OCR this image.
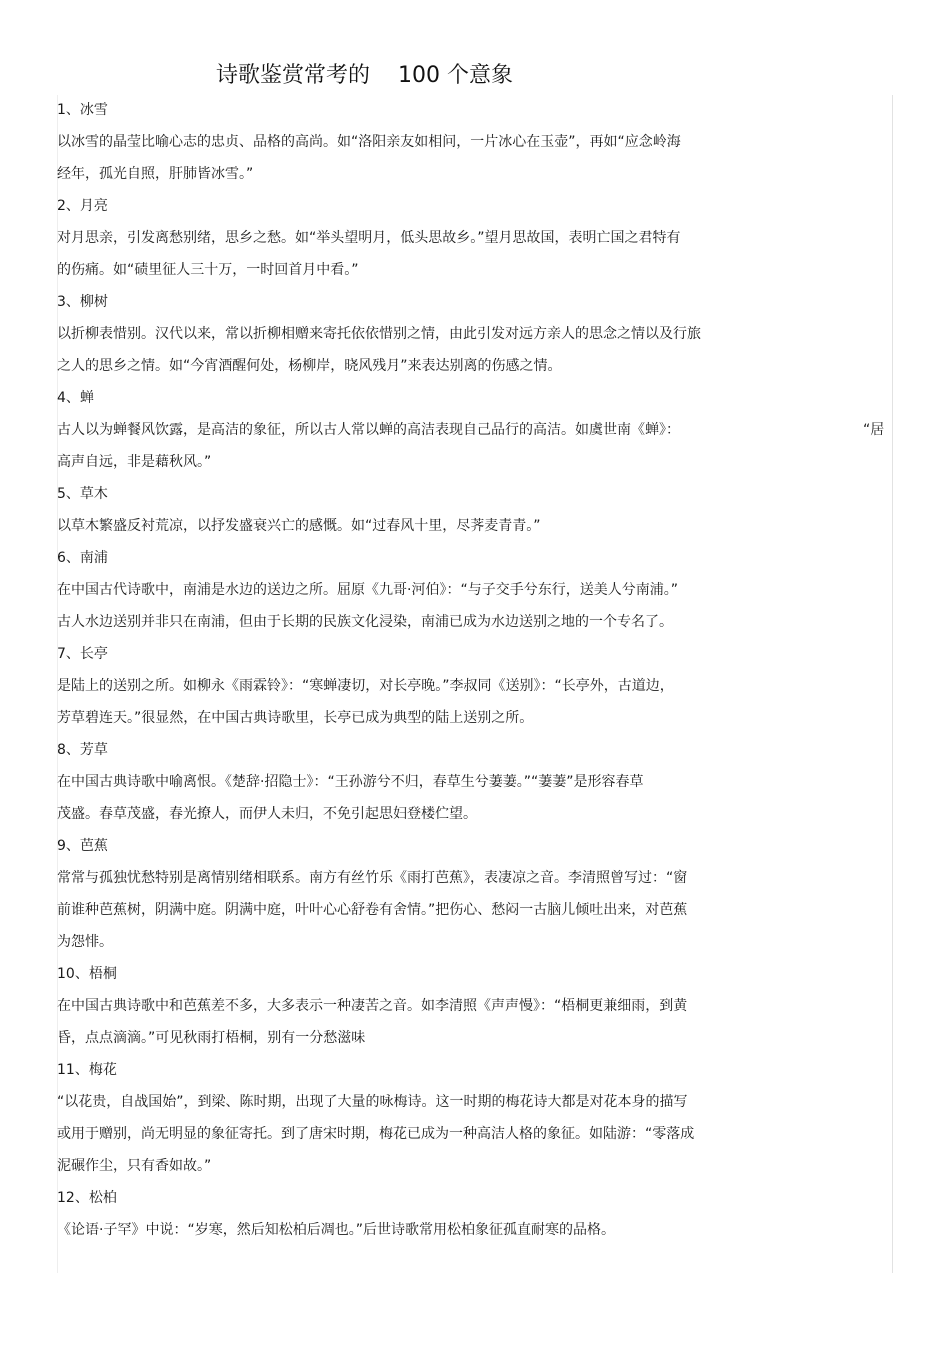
诗歌鉴赏常考的    100 个意象
1、冰雪
以冰雪的晶莹比喻心志的忠贞、品格的高尚。如“洛阳亲友如相问，一片冰心在玉壶”，再如“应念岭海
经年，孤光自照，肝肺皆冰雪。”
2、月亮
对月思亲，引发离愁别绪，思乡之愁。如“举头望明月，低头思故乡。”望月思故国，表明亡国之君特有
的伤痛。如“碛里征人三十万，一时回首月中看。”
3、柳树
以折柳表惜别。汉代以来，常以折柳相赠来寄托依依惜别之情，由此引发对远方亲人的思念之情以及行旅
之人的思乡之情。如“今宵酒醒何处，杨柳岸，晓风残月”来表达别离的伤感之情。
4、蝉
古人以为蝉餐风饮露，是高洁的象征，所以古人常以蝉的高洁表现自己品行的高洁。如虞世南《蝉》：	“居
高声自远，非是藉秋风。”
5、草木
以草木繁盛反衬荒凉，以抒发盛衰兴亡的感慨。如“过春风十里，尽荠麦青青。”
6、南浦
在中国古代诗歌中，南浦是水边的送边之所。屈原《九哥·河伯》：“与子交手兮东行，送美人兮南浦。”
古人水边送别并非只在南浦，但由于长期的民族文化浸染，南浦已成为水边送别之地的一个专名了。
7、长亭
是陆上的送别之所。如柳永《雨霖铃》：“寒蝉凄切，对长亭晚。”李叔同《送别》：“长亭外，古道边，
芳草碧连天。”很显然，在中国古典诗歌里，长亭已成为典型的陆上送别之所。
8、芳草
在中国古典诗歌中喻离恨。《楚辞·招隐士》：“王孙游兮不归，春草生兮萋萋。”“萋萋”是形容春草
茂盛。春草茂盛，春光撩人，而伊人未归，不免引起思妇登楼伫望。
9、芭蕉
常常与孤独忧愁特别是离情别绪相联系。南方有丝竹乐《雨打芭蕉》，表凄凉之音。李清照曾写过：“窗
前谁种芭蕉树，阴满中庭。阴满中庭，叶叶心心舒卷有舍情。”把伤心、愁闷一古脑儿倾吐出来，对芭蕉
为怨悱。
10、梧桐
在中国古典诗歌中和芭蕉差不多，大多表示一种凄苦之音。如李清照《声声慢》：“梧桐更兼细雨，到黄
昏，点点滴滴。”可见秋雨打梧桐，别有一分愁滋味
11、梅花
“以花贵，自战国始”，到梁、陈时期，出现了大量的咏梅诗。这一时期的梅花诗大都是对花本身的描写
或用于赠别，尚无明显的象征寄托。到了唐宋时期，梅花已成为一种高洁人格的象征。如陆游：“零落成
泥碾作尘，只有香如故。”
12、松柏
《论语·子罕》中说：“岁寒，然后知松柏后凋也。”后世诗歌常用松柏象征孤直耐寒的品格。
